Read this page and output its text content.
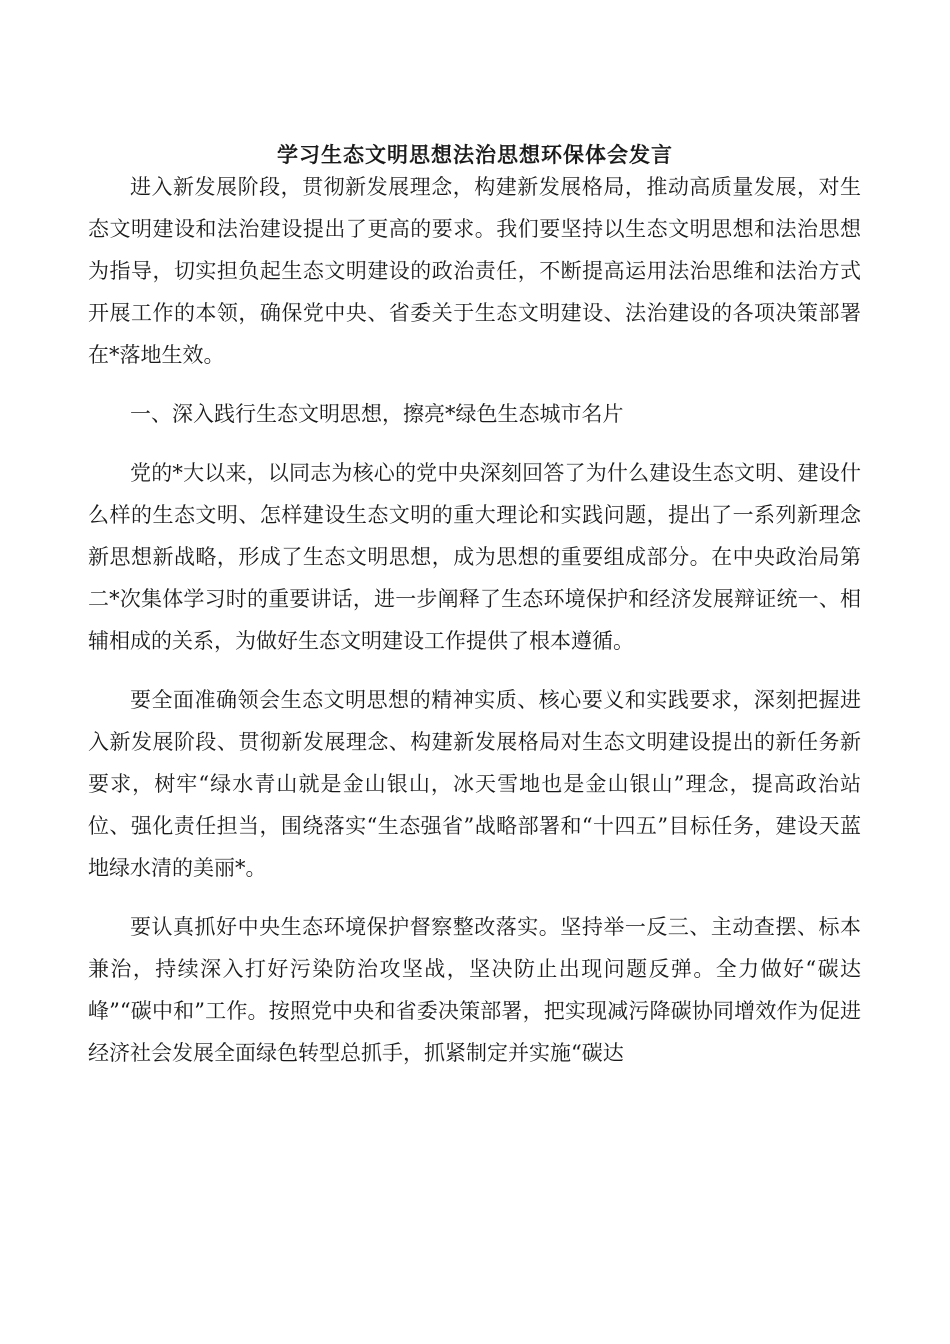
学习生态文明思想法治思想环保体会发言

进入新发展阶段，贯彻新发展理念，构建新发展格局，推动高质量发展，对生态文明建设和法治建设提出了更高的要求。我们要坚持以生态文明思想和法治思想为指导，切实担负起生态文明建设的政治责任，不断提高运用法治思维和法治方式开展工作的本领，确保党中央、省委关于生态文明建设、法治建设的各项决策部署在*落地生效。

一、深入践行生态文明思想，擦亮*绿色生态城市名片

党的*大以来，以同志为核心的党中央深刻回答了为什么建设生态文明、建设什么样的生态文明、怎样建设生态文明的重大理论和实践问题，提出了一系列新理念新思想新战略，形成了生态文明思想，成为思想的重要组成部分。在中央政治局第二*次集体学习时的重要讲话，进一步阐释了生态环境保护和经济发展辩证统一、相辅相成的关系，为做好生态文明建设工作提供了根本遵循。

要全面准确领会生态文明思想的精神实质、核心要义和实践要求，深刻把握进入新发展阶段、贯彻新发展理念、构建新发展格局对生态文明建设提出的新任务新要求，树牢“绿水青山就是金山银山，冰天雪地也是金山银山”理念，提高政治站位、强化责任担当，围绕落实“生态强省”战略部署和“十四五”目标任务，建设天蓝地绿水清的美丽*。

要认真抓好中央生态环境保护督察整改落实。坚持举一反三、主动查摆、标本兼治，持续深入打好污染防治攻坚战，坚决防止出现问题反弹。全力做好“碳达峰”“碳中和”工作。按照党中央和省委决策部署，把实现减污降碳协同增效作为促进经济社会发展全面绿色转型总抓手，抓紧制定并实施“碳达
